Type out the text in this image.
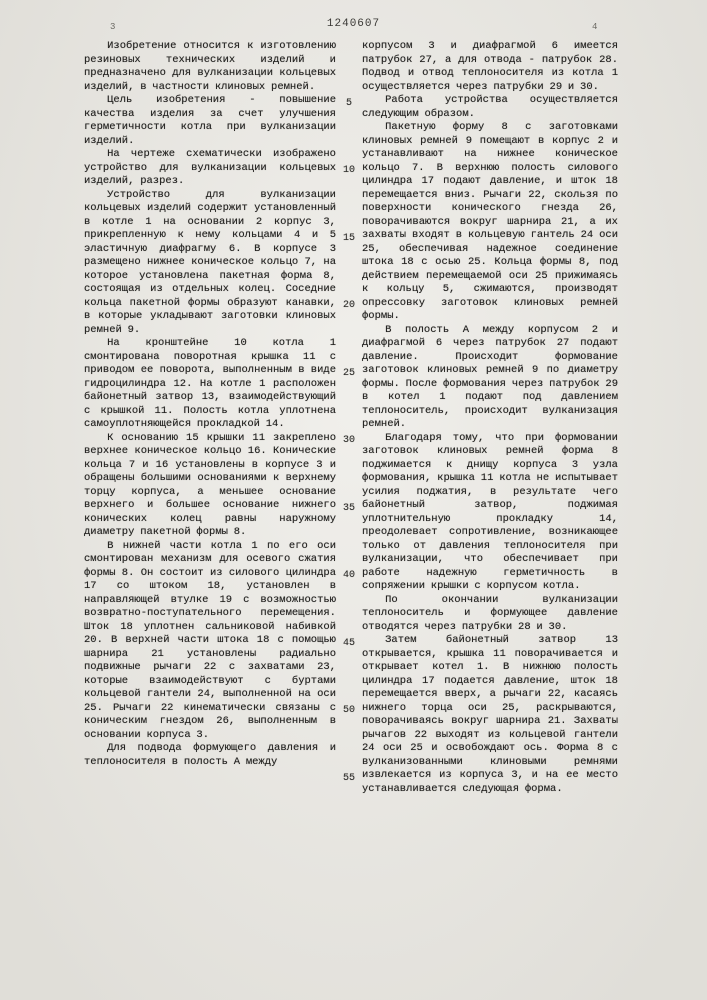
3	1240607	4

Изобретение относится к изготовлению резиновых технических изделий и предназначено для вулканизации кольцевых изделий, в частности клиновых ремней.

Цель изобретения - повышение качества изделия за счет улучшения герметичности котла при вулканизации изделий.

На чертеже схематически изображено устройство для вулканизации кольцевых изделий, разрез.

Устройство для вулканизации кольцевых изделий содержит установленный в котле 1 на основании 2 корпус 3, прикрепленную к нему кольцами 4 и 5 эластичную диафрагму 6. В корпусе 3 размещено нижнее коническое кольцо 7, на которое установлена пакетная форма 8, состоящая из отдельных колец. Соседние кольца пакетной формы образуют канавки, в которые укладывают заготовки клиновых ремней 9.

На кронштейне 10 котла 1 смонтирована поворотная крышка 11 с приводом ее поворота, выполненным в виде гидроцилиндра 12. На котле 1 расположен байонетный затвор 13, взаимодействующий с крышкой 11. Полость котла уплотнена самоуплотняющейся прокладкой 14.

К основанию 15 крышки 11 закреплено верхнее коническое кольцо 16. Конические кольца 7 и 16 установлены в корпусе 3 и обращены большими основаниями к верхнему торцу корпуса, а меньшее основание верхнего и большее основание нижнего конических колец равны наружному диаметру пакетной формы 8.

В нижней части котла 1 по его оси смонтирован механизм для осевого сжатия формы 8. Он состоит из силового цилиндра 17 со штоком 18, установлен в направляющей втулке 19 с возможностью возвратно-поступательного перемещения. Шток 18 уплотнен сальниковой набивкой 20. В верхней части штока 18 с помощью шарнира 21 установлены радиально подвижные рычаги 22 с захватами 23, которые взаимодействуют с буртами кольцевой гантели 24, выполненной на оси 25. Рычаги 22 кинематически связаны с коническим гнездом 26, выполненным в основании корпуса 3.

Для подвода формующего давления и теплоносителя в полость А между

5
10
15
20
25
30
35
40
45
50
55

корпусом 3 и диафрагмой 6 имеется патрубок 27, а для отвода - патрубок 28. Подвод и отвод теплоносителя из котла 1 осуществляется через патрубки 29 и 30.

Работа устройства осуществляется следующим образом.

Пакетную форму 8 с заготовками клиновых ремней 9 помещают в корпус 2 и устанавливают на нижнее коническое кольцо 7. В верхнюю полость силового цилиндра 17 подают давление, и шток 18 перемещается вниз. Рычаги 22, скользя по поверхности конического гнезда 26, поворачиваются вокруг шарнира 21, а их захваты входят в кольцевую гантель 24 оси 25, обеспечивая надежное соединение штока 18 с осью 25. Кольца формы 8, под действием перемещаемой оси 25 прижимаясь к кольцу 5, сжимаются, производят опрессовку заготовок клиновых ремней формы.

В полость А между корпусом 2 и диафрагмой 6 через патрубок 27 подают давление. Происходит формование заготовок клиновых ремней 9 по диаметру формы. После формования через патрубок 29 в котел 1 подают под давлением теплоноситель, происходит вулканизация ремней.

Благодаря тому, что при формовании заготовок клиновых ремней форма 8 поджимается к днищу корпуса 3 узла формования, крышка 11 котла не испытывает усилия поджатия, в результате чего байонетный затвор, поджимая уплотнительную прокладку 14, преодолевает сопротивление, возникающее только от давления теплоносителя при вулканизации, что обеспечивает при работе надежную герметичность в сопряжении крышки с корпусом котла.

По окончании вулканизации теплоноситель и формующее давление отводятся через патрубки 28 и 30.

Затем байонетный затвор 13 открывается, крышка 11 поворачивается и открывает котел 1. В нижнюю полость цилиндра 17 подается давление, шток 18 перемещается вверх, а рычаги 22, касаясь нижнего торца оси 25, раскрываются, поворачиваясь вокруг шарнира 21. Захваты рычагов 22 выходят из кольцевой гантели 24 оси 25 и освобождают ось. Форма 8 с вулканизованными клиновыми ремнями извлекается из корпуса 3, и на ее место устанавливается следующая форма.
